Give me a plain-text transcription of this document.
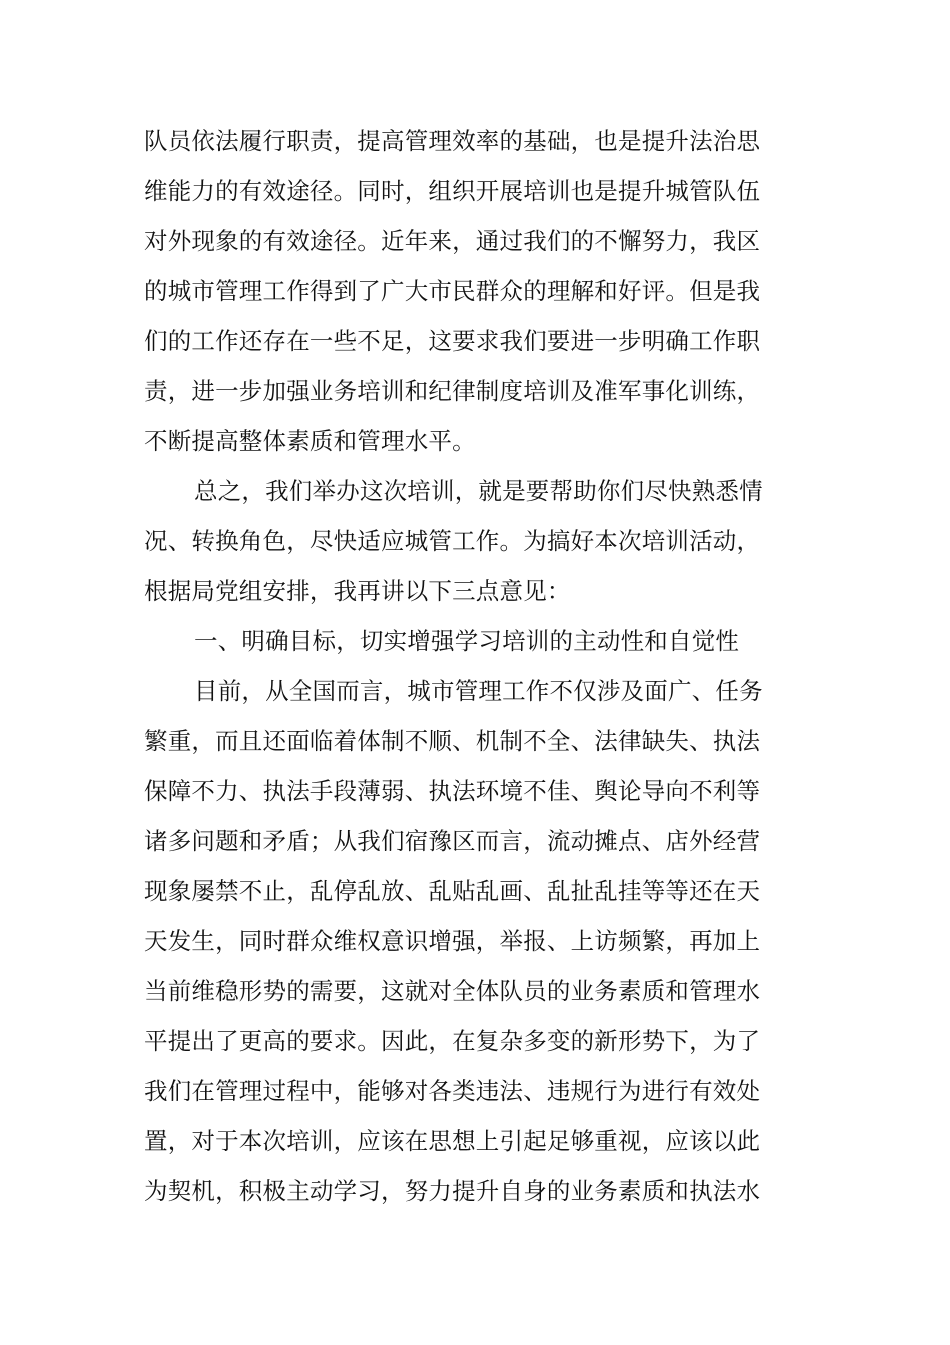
队员依法履行职责，提高管理效率的基础，也是提升法治思
维能力的有效途径。同时，组织开展培训也是提升城管队伍
对外现象的有效途径。近年来，通过我们的不懈努力，我区
的城市管理工作得到了广大市民群众的理解和好评。但是我
们的工作还存在一些不足，这要求我们要进一步明确工作职
责，进一步加强业务培训和纪律制度培训及准军事化训练，
不断提高整体素质和管理水平。
总之，我们举办这次培训，就是要帮助你们尽快熟悉情
况、转换角色，尽快适应城管工作。为搞好本次培训活动，
根据局党组安排，我再讲以下三点意见：
一、明确目标，切实增强学习培训的主动性和自觉性
目前，从全国而言，城市管理工作不仅涉及面广、任务
繁重，而且还面临着体制不顺、机制不全、法律缺失、执法
保障不力、执法手段薄弱、执法环境不佳、舆论导向不利等
诸多问题和矛盾；从我们宿豫区而言，流动摊点、店外经营
现象屡禁不止，乱停乱放、乱贴乱画、乱扯乱挂等等还在天
天发生，同时群众维权意识增强，举报、上访频繁，再加上
当前维稳形势的需要，这就对全体队员的业务素质和管理水
平提出了更高的要求。因此，在复杂多变的新形势下，为了
我们在管理过程中，能够对各类违法、违规行为进行有效处
置，对于本次培训，应该在思想上引起足够重视，应该以此
为契机，积极主动学习，努力提升自身的业务素质和执法水
